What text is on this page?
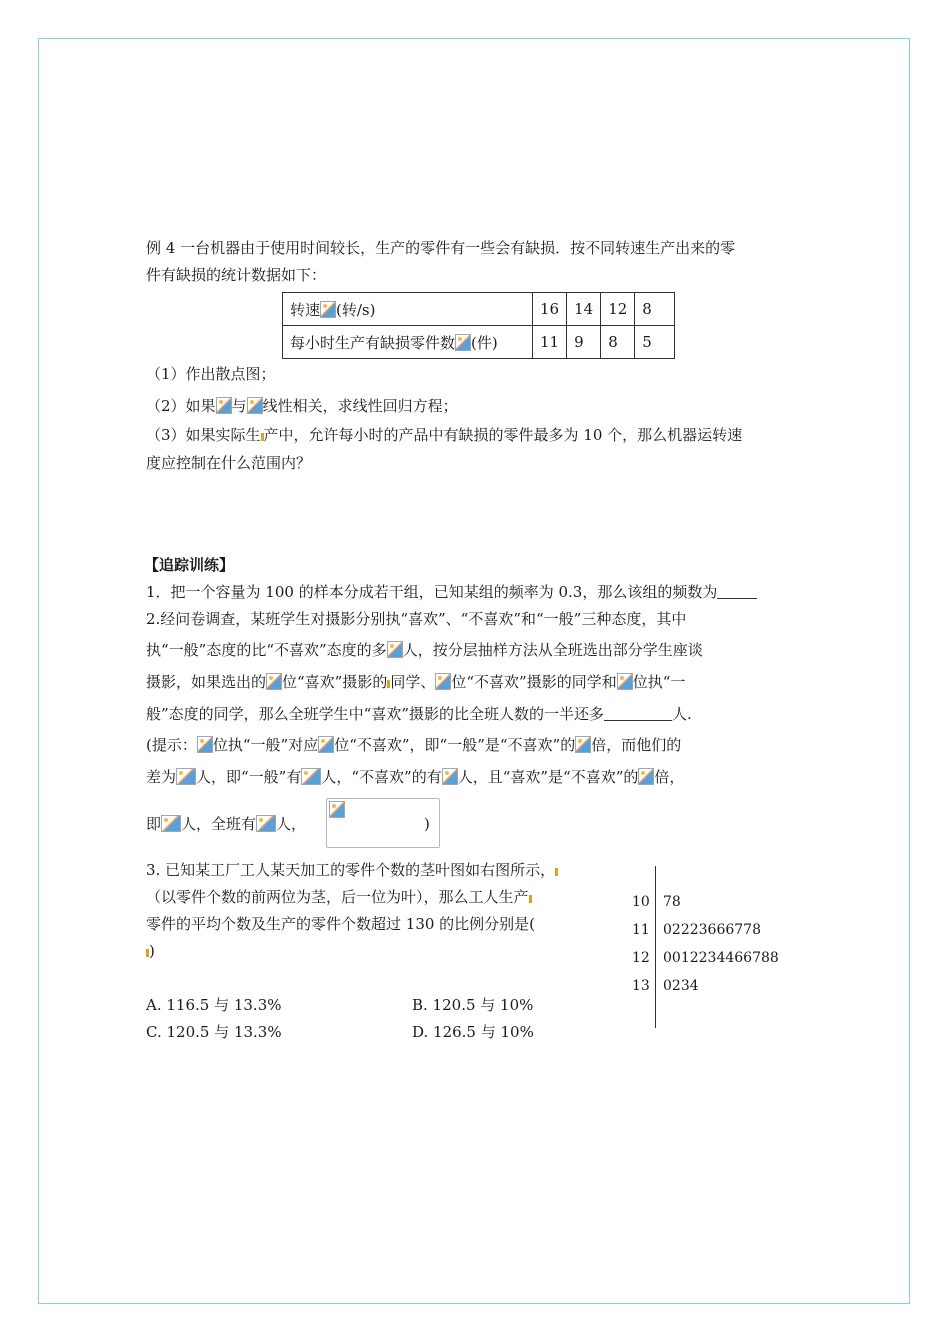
例 4 一台机器由于使用时间较长，生产的零件有一些会有缺损．按不同转速生产出来的零
件有缺损的统计数据如下：
转速 (转/s)	16	14	12	8
每小时生产有缺损零件数 (件)	11	9	8	5
（1）作出散点图；
（2）如果 与 线性相关，求线性回归方程；
（3）如果实际生 产中，允许每小时的产品中有缺损的零件最多为 10 个，那么机器运转速
度应控制在什么范围内？
【追踪训练】
1．把一个容量为 100 的样本分成若干组，已知某组的频率为 0.3，那么该组的频数为
2.经问卷调查，某班学生对摄影分别执“喜欢”、“不喜欢”和“一般”三种态度，其中
执“一般”态度的比“不喜欢”态度的多 人，按分层抽样方法从全班选出部分学生座谈
摄影，如果选出的 位“喜欢”摄影的 同学、 位“不喜欢”摄影的同学和 位执“一
般”态度的同学，那么全班学生中“喜欢”摄影的比全班人数的一半还多	人.
(提示： 位执“一般”对应 位“不喜欢”，即“一般”是“不喜欢”的 倍，而他们的
差为 人，即“一般”有 人，“不喜欢”的有 人，且“喜欢”是“不喜欢”的 倍，
即 人，全班有 人，	)
3. 已知某工厂工人某天加工的零件个数的茎叶图如右图所示，
（以零件个数的前两位为茎，后一位为叶），那么工人生产
零件的平均个数及生产的零件个数超过 130 的比例分别是(
)
A. 116.5 与 13.3%	B. 120.5 与 10%
C. 120.5 与 13.3%	D. 126.5 与 10%
10 78
11 02223666778
12 0012234466788
13 0234
